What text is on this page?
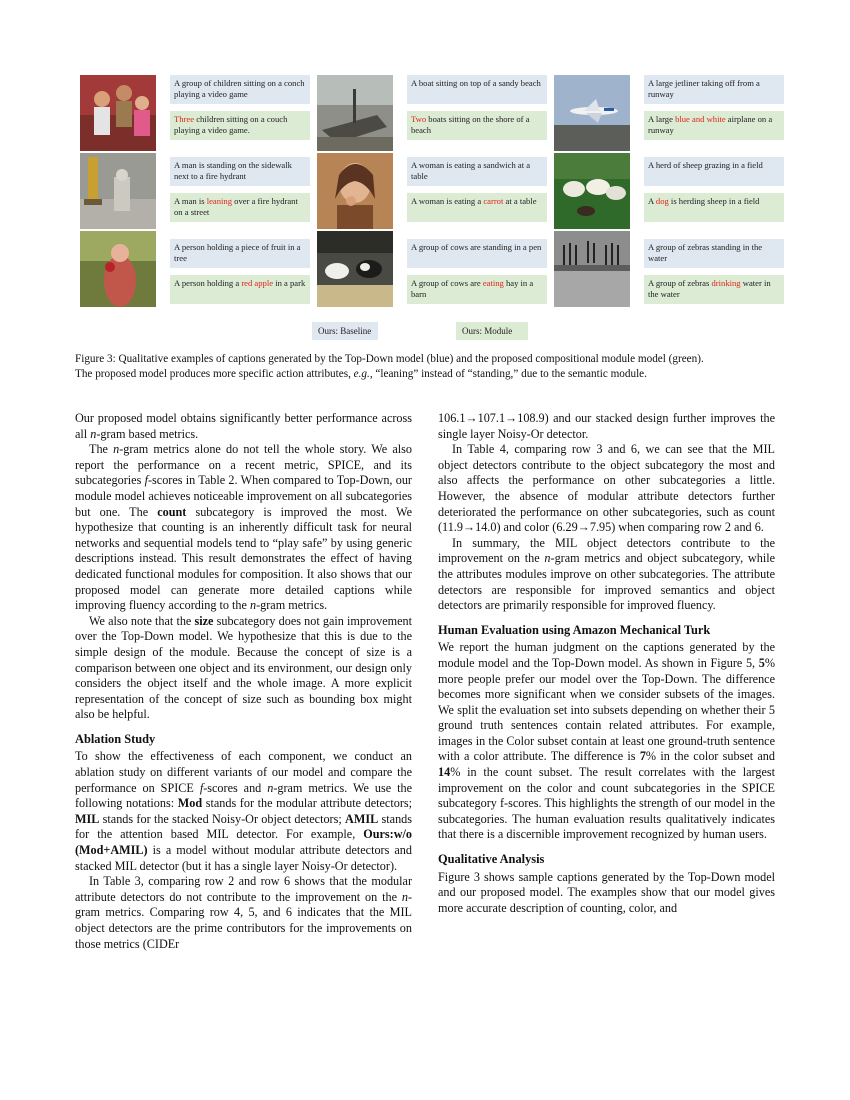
A group of children sitting on a conch playing a video game
Three children sitting on a couch playing a video game.
A boat sitting on top of a sandy beach
Two boats sitting on the shore of a beach
A large jetliner taking off from a runway
A large blue and white airplane on a runway
A man is standing on the sidewalk next to a fire hydrant
A man is leaning over a fire hydrant on a street
A woman is eating a sandwich at a table
A woman is eating a carrot at a table
A herd of sheep grazing in a field
A dog is herding sheep in a field
A person holding a piece of fruit in a tree
A person holding a red apple in a park
A group of cows are standing in a pen
A group of cows are eating hay in a barn
A group of zebras standing in the water
A group of zebras drinking water in the water
Ours: Baseline	Ours: Module
Figure 3: Qualitative examples of captions generated by the Top-Down model (blue) and the proposed compositional module model (green).
The proposed model produces more specific action attributes, e.g., “leaning” instead of “standing,” due to the semantic module.

Our proposed model obtains significantly better performance across all n-gram based metrics.

The n-gram metrics alone do not tell the whole story. We also report the performance on a recent metric, SPICE, and its subcategories f-scores in Table 2. When compared to Top-Down, our module model achieves noticeable improvement on all subcategories but one. The count subcategory is improved the most. We hypothesize that counting is an inherently difficult task for neural networks and sequential models tend to “play safe” by using generic descriptions instead. This result demonstrates the effect of having dedicated functional modules for composition. It also shows that our proposed model can generate more detailed captions while improving fluency according to the n-gram metrics.

We also note that the size subcategory does not gain improvement over the Top-Down model. We hypothesize that this is due to the simple design of the module. Because the concept of size is a comparison between one object and its environment, our design only considers the object itself and the whole image. A more explicit representation of the concept of size such as bounding box might also be helpful.

Ablation Study

To show the effectiveness of each component, we conduct an ablation study on different variants of our model and compare the performance on SPICE f-scores and n-gram metrics. We use the following notations: Mod stands for the modular attribute detectors; MIL stands for the stacked Noisy-Or object detectors; AMIL stands for the attention based MIL detector. For example, Ours:w/o (Mod+AMIL) is a model without modular attribute detectors and stacked MIL detector (but it has a single layer Noisy-Or detector).

In Table 3, comparing row 2 and row 6 shows that the modular attribute detectors do not contribute to the improvement on the n-gram metrics. Comparing row 4, 5, and 6 indicates that the MIL object detectors are the prime contributors for the improvements on those metrics (CIDEr

106.1→107.1→108.9) and our stacked design further improves the single layer Noisy-Or detector.

In Table 4, comparing row 3 and 6, we can see that the MIL object detectors contribute to the object subcategory the most and also affects the performance on other subcategories a little. However, the absence of modular attribute detectors further deteriorated the performance on other subcategories, such as count (11.9→14.0) and color (6.29→7.95) when comparing row 2 and 6.

In summary, the MIL object detectors contribute to the improvement on the n-gram metrics and object subcategory, while the attributes modules improve on other subcategories. The attribute detectors are responsible for improved semantics and object detectors are primarily responsible for improved fluency.

Human Evaluation using Amazon Mechanical Turk

We report the human judgment on the captions generated by the module model and the Top-Down model. As shown in Figure 5, 5% more people prefer our model over the Top-Down. The difference becomes more significant when we consider subsets of the images. We split the evaluation set into subsets depending on whether their 5 ground truth sentences contain related attributes. For example, images in the Color subset contain at least one ground-truth sentence with a color attribute. The difference is 7% in the color subset and 14% in the count subset. The result correlates with the largest improvement on the color and count subcategories in the SPICE subcategory f-scores. This highlights the strength of our model in the subcategories. The human evaluation results qualitatively indicates that there is a discernible improvement recognized by human users.

Qualitative Analysis

Figure 3 shows sample captions generated by the Top-Down model and our proposed model. The examples show that our model gives more accurate description of counting, color, and
